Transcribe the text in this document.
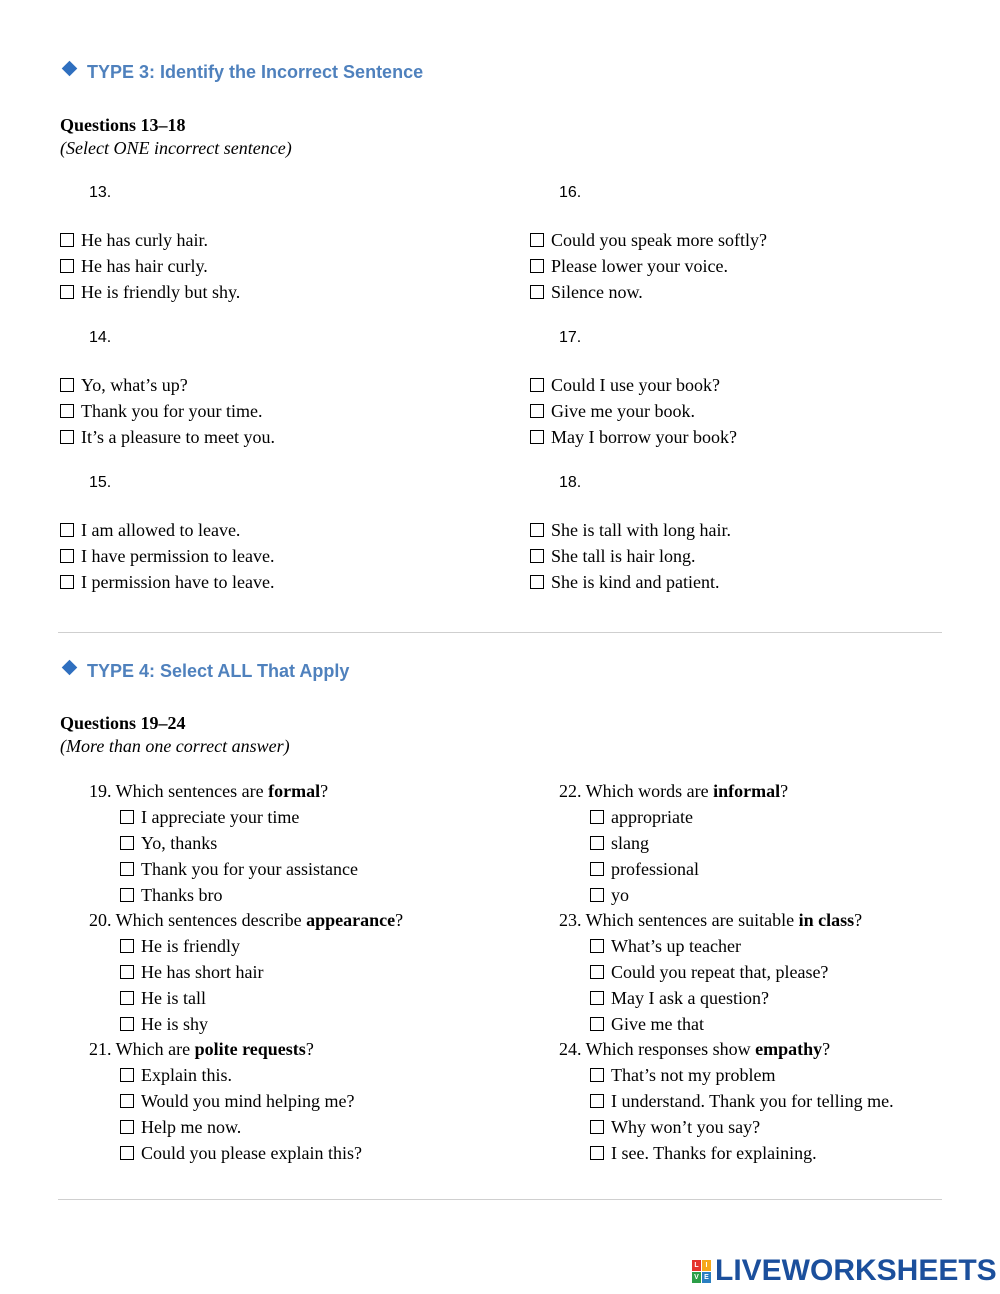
TYPE 3: Identify the Incorrect Sentence
Questions 13–18
(Select ONE incorrect sentence)
13.
He has curly hair.
He has hair curly.
He is friendly but shy.
14.
Yo, what’s up?
Thank you for your time.
It’s a pleasure to meet you.
15.
I am allowed to leave.
I have permission to leave.
I permission have to leave.
16.
Could you speak more softly?
Please lower your voice.
Silence now.
17.
Could I use your book?
Give me your book.
May I borrow your book?
18.
She is tall with long hair.
She tall is hair long.
She is kind and patient.
TYPE 4: Select ALL That Apply
Questions 19–24
(More than one correct answer)
19. Which sentences are formal?
I appreciate your time
Yo, thanks
Thank you for your assistance
Thanks bro
20. Which sentences describe appearance?
He is friendly
He has short hair
He is tall
He is shy
21. Which are polite requests?
Explain this.
Would you mind helping me?
Help me now.
Could you please explain this?
22. Which words are informal?
appropriate
slang
professional
yo
23. Which sentences are suitable in class?
What’s up teacher
Could you repeat that, please?
May I ask a question?
Give me that
24. Which responses show empathy?
That’s not my problem
I understand. Thank you for telling me.
Why won’t you say?
I see. Thanks for explaining.
L I
V E LIVEWORKSHEETS
